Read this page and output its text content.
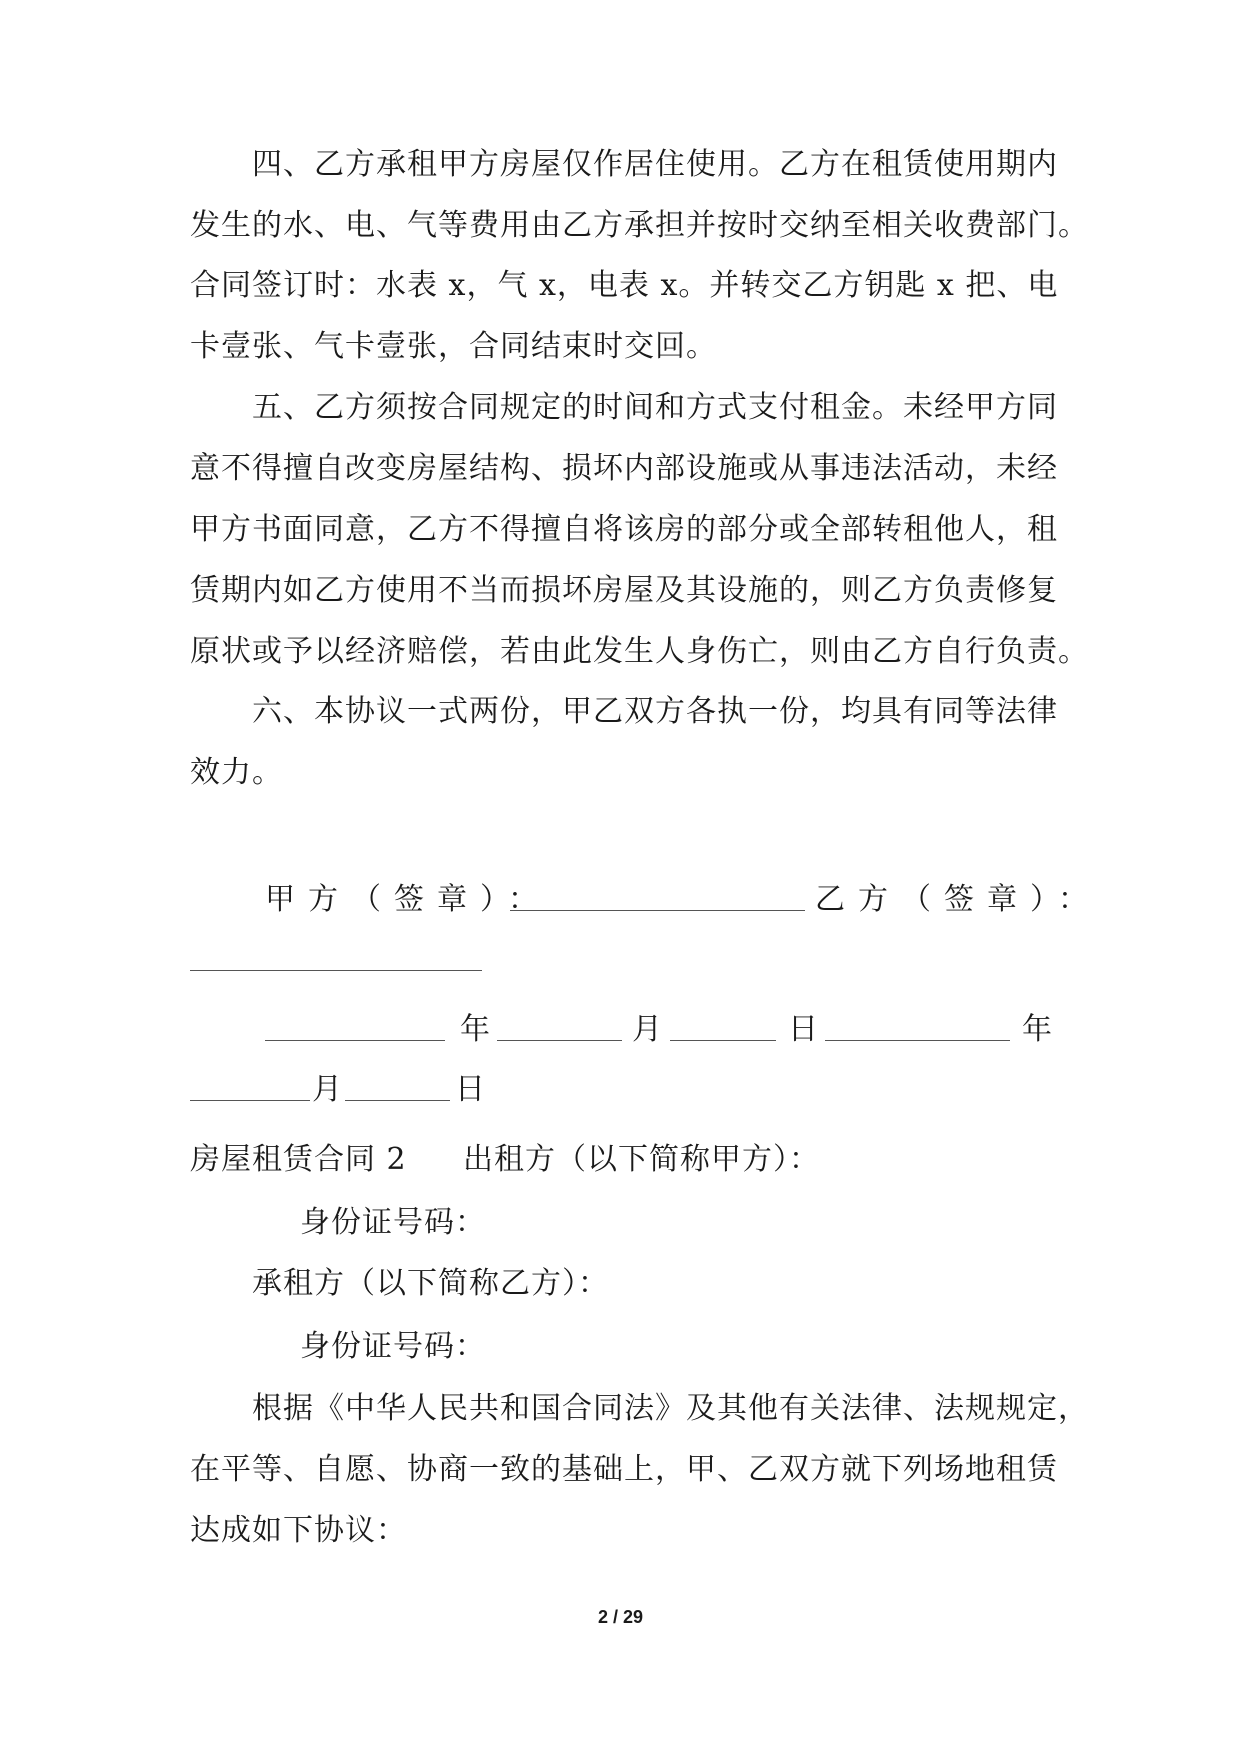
四、乙方承租甲方房屋仅作居住使用。乙方在租赁使用期内
发生的水、电、气等费用由乙方承担并按时交纳至相关收费部门。
合同签订时：水表 x，气 x，电表 x。并转交乙方钥匙 x 把、电
卡壹张、气卡壹张，合同结束时交回。
五、乙方须按合同规定的时间和方式支付租金。未经甲方同
意不得擅自改变房屋结构、损坏内部设施或从事违法活动，未经
甲方书面同意，乙方不得擅自将该房的部分或全部转租他人，租
赁期内如乙方使用不当而损坏房屋及其设施的，则乙方负责修复
原状或予以经济赔偿，若由此发生人身伤亡，则由乙方自行负责。
六、本协议一式两份，甲乙双方各执一份，均具有同等法律
效力。
甲方（签章）：	乙方（签章）：
年	月	日	年
月	日
房屋租赁合同 2 出租方（以下简称甲方）：
身份证号码：
承租方（以下简称乙方）：
身份证号码：
根据《中华人民共和国合同法》及其他有关法律、法规规定，
在平等、自愿、协商一致的基础上，甲、乙双方就下列场地租赁
达成如下协议：
2 / 29
